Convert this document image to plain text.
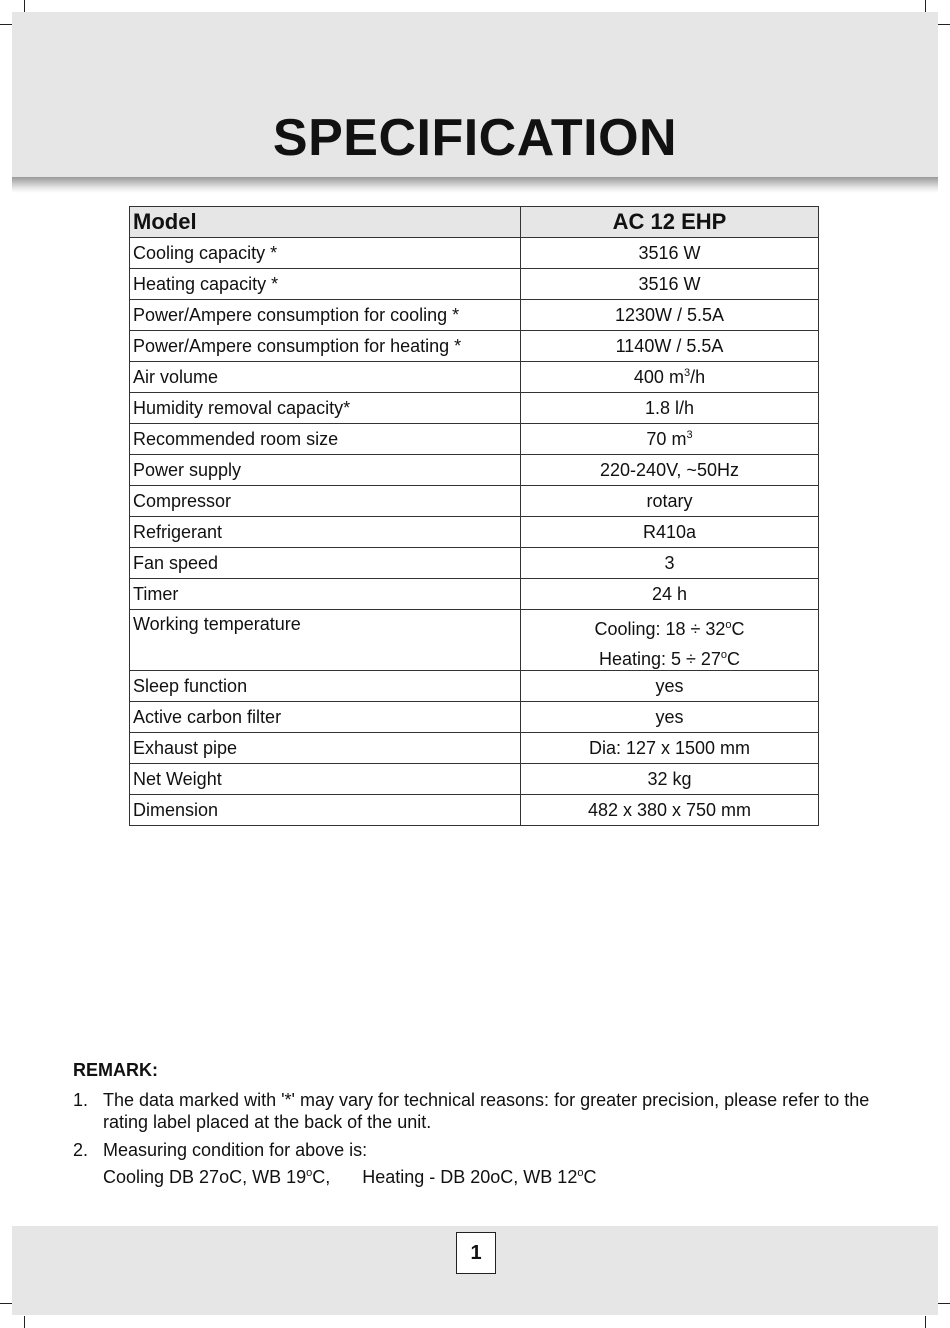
SPECIFICATION
Model	AC 12 EHP
Cooling capacity *	3516 W
Heating capacity *	3516 W
Power/Ampere consumption for cooling *	1230W / 5.5A
Power/Ampere consumption for heating *	1140W / 5.5A
Air volume	400 $m^3/h$
Humidity removal capacity*	1.8 l/h
Recommended room size	70 $m^3$
Power supply	220-240V, ~50Hz
Compressor	rotary
Refrigerant	R410a
Fan speed	3
Timer	24 h
Working temperature	Cooling: $18 \div 32^oC$
Heating: $5 \div 27^oC$

Sleep function	yes
Active carbon filter	yes
Exhaust pipe	Dia: 127 x 1500 mm
Net Weight	32 kg
Dimension	482 x 380 x 750 mm
REMARK:
1. The data marked with '*' may vary for technical reasons: for greater precision, please refer to the rating label placed at the back of the unit.
2. Measuring condition for above is:
Cooling DB 27oC, WB 19$^o$C, Heating - DB 20oC, WB 12$^o$C
1
